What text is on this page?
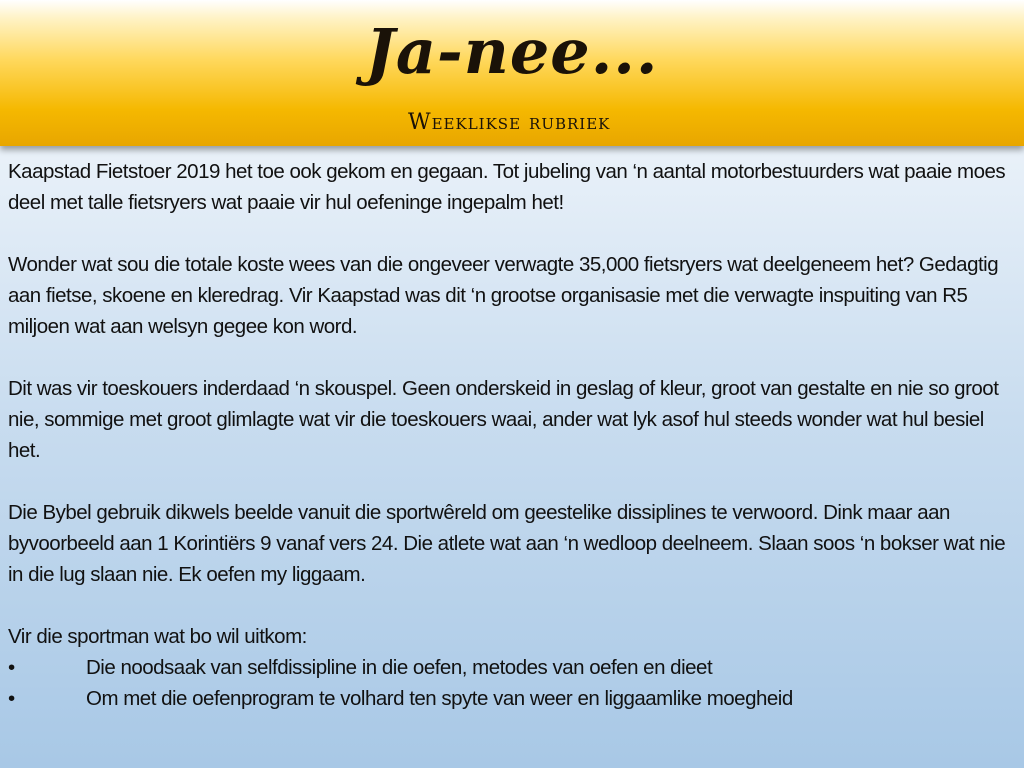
Ja-nee...
Weeklikse rubriek

Kaapstad Fietstoer 2019 het toe ook gekom en gegaan. Tot jubeling van ‘n aantal motorbestuurders wat paaie moes deel met talle fietsryers wat paaie vir hul oefeninge ingepalm het!

Wonder wat sou die totale koste wees van die ongeveer verwagte 35,000 fietsryers wat deelgeneem het? Gedagtig aan fietse, skoene en kleredrag. Vir Kaapstad was dit ‘n grootse organisasie met die verwagte inspuiting van R5 miljoen wat aan welsyn gegee kon word.

Dit was vir toeskouers inderdaad ‘n skouspel. Geen onderskeid in geslag of kleur, groot van gestalte en nie so groot nie, sommige met groot glimlagte wat vir die toeskouers waai, ander wat lyk asof hul steeds wonder wat hul besiel het.

Die Bybel gebruik dikwels beelde vanuit die sportwêreld om geestelike dissiplines te verwoord. Dink maar aan byvoorbeeld aan 1 Korintiërs 9 vanaf vers 24. Die atlete wat aan ‘n wedloop deelneem. Slaan soos ‘n bokser wat nie in die lug slaan nie. Ek oefen my liggaam.

Vir die sportman wat bo wil uitkom:

•	Die noodsaak van selfdissipline in die oefen, metodes van oefen en dieet
•	Om met die oefenprogram te volhard ten spyte van weer en liggaamlike moegheid
